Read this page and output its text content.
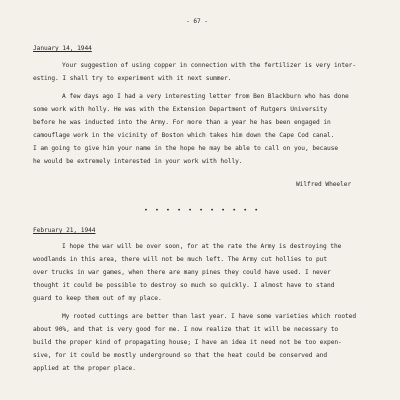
- 67 -
January 14, 1944
Your suggestion of using copper in connection with the fertilizer is very inter-
esting. I shall try to experiment with it next summer.
A few days ago I had a very interesting letter from Ben Blackburn who has done
some work with holly. He was with the Extension Department of Rutgers University
before he was inducted into the Army. For more than a year he has been engaged in
camouflage work in the vicinity of Boston which takes him down the Cape Cod canal.
I am going to give him your name in the hope he may be able to call on you, because
he would be extremely interested in your work with holly.
Wilfred Wheeler
• • • • • • • • • • •
February 21, 1944
I hope the war will be over soon, for at the rate the Army is destroying the
woodlands in this area, there will not be much left. The Army cut hollies to put
over trucks in war games, when there are many pines they could have used. I never
thought it could be possible to destroy so much so quickly. I almost have to stand
guard to keep them out of my place.
My rooted cuttings are better than last year. I have some varieties which rooted
about 90%, and that is very good for me. I now realize that it will be necessary to
build the proper kind of propagating house; I have an idea it need not be too expen-
sive, for it could be mostly underground so that the heat could be conserved and
applied at the proper place.
